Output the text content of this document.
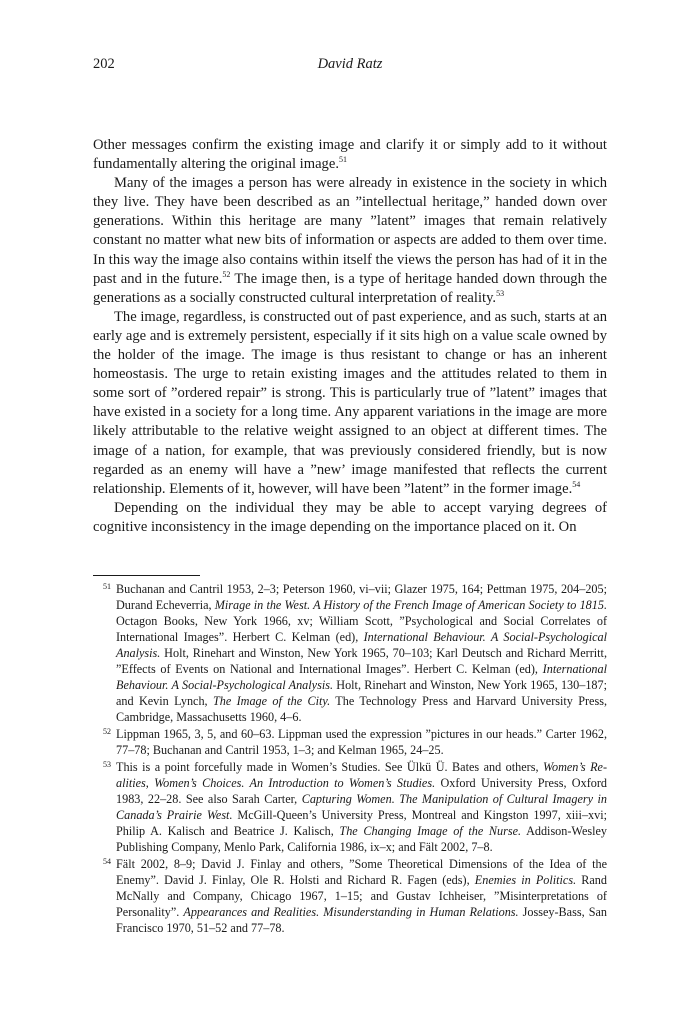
202	David Ratz

Other messages confirm the existing image and clarify it or simply add to it without fundamentally altering the original image.$^{51}$

Many of the images a person has were already in existence in the society in which they live. They have been described as an ”intellectual heritage,” handed down over generations. Within this heritage are many ”latent” images that remain relatively constant no matter what new bits of information or aspects are added to them over time. In this way the image also contains within itself the views the person has had of it in the past and in the future.$^{52}$ The image then, is a type of heritage handed down through the generations as a socially constructed cultural interpretation of reality.$^{53}$

The image, regardless, is constructed out of past experience, and as such, starts at an early age and is extremely persistent, especially if it sits high on a value scale owned by the holder of the image. The image is thus resistant to change or has an inherent homeostasis. The urge to retain existing images and the attitudes related to them in some sort of ”ordered repair” is strong. This is particularly true of ”latent” images that have existed in a society for a long time. Any apparent variations in the image are more likely attributable to the relative weight assigned to an object at different times. The image of a nation, for example, that was previously considered friendly, but is now regarded as an enemy will have a ”new’ image manifested that reflects the current relationship. Elements of it, however, will have been ”latent” in the former image.$^{54}$

Depending on the individual they may be able to accept varying degrees of cognitive inconsistency in the image depending on the importance placed on it. On

51 Buchanan and Cantril 1953, 2–3; Peterson 1960, vi–vii; Glazer 1975, 164; Pettman 1975, 204–205; Durand Echeverria, Mirage in the West. A History of the French Image of American Society to 1815. Octagon Books, New York 1966, xv; William Scott, ”Psychological and Social Correlates of International Images”. Herbert C. Kelman (ed), International Behaviour. A Social-Psychological Analysis. Holt, Rinehart and Winston, New York 1965, 70–103; Karl Deutsch and Richard Merritt, ”Effects of Events on National and International Images”. Herbert C. Kelman (ed), International Behaviour. A Social-Psychological Analysis. Holt, Rinehart and Winston, New York 1965, 130–187; and Kevin Lynch, The Image of the City. The Technology Press and Harvard University Press, Cambridge, Massachusetts 1960, 4–6.
52 Lippman 1965, 3, 5, and 60–63. Lippman used the expression ”pictures in our heads.” Carter 1962, 77–78; Buchanan and Cantril 1953, 1–3; and Kelman 1965, 24–25.
53 This is a point forcefully made in Women’s Studies. See Ülkü Ü. Bates and others, Women’s Re-alities, Women’s Choices. An Introduction to Women’s Studies. Oxford University Press, Oxford 1983, 22–28. See also Sarah Carter, Capturing Women. The Manipulation of Cultural Imagery in Canada’s Prairie West. McGill-Queen’s University Press, Montreal and Kingston 1997, xiii–xvi; Philip A. Kalisch and Beatrice J. Kalisch, The Changing Image of the Nurse. Addison-Wesley Publishing Company, Menlo Park, California 1986, ix–x; and Fält 2002, 7–8.
54 Fält 2002, 8–9; David J. Finlay and others, ”Some Theoretical Dimensions of the Idea of the Enemy”. David J. Finlay, Ole R. Holsti and Richard R. Fagen (eds), Enemies in Politics. Rand McNally and Company, Chicago 1967, 1–15; and Gustav Ichheiser, ”Misinterpretations of Personality”. Appearances and Realities. Misunderstanding in Human Relations. Jossey-Bass, San Francisco 1970, 51–52 and 77–78.
